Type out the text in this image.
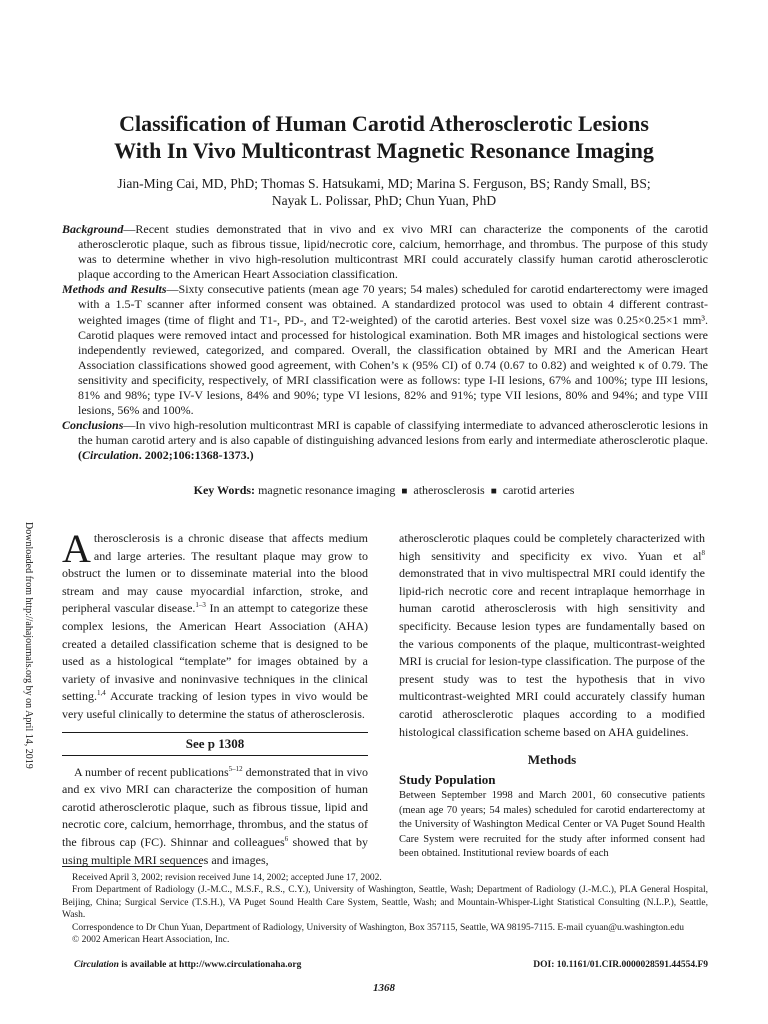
Classification of Human Carotid Atherosclerotic Lesions
With In Vivo Multicontrast Magnetic Resonance Imaging
Jian-Ming Cai, MD, PhD; Thomas S. Hatsukami, MD; Marina S. Ferguson, BS; Randy Small, BS;
Nayak L. Polissar, PhD; Chun Yuan, PhD

Background—Recent studies demonstrated that in vivo and ex vivo MRI can characterize the components of the carotid atherosclerotic plaque, such as fibrous tissue, lipid/necrotic core, calcium, hemorrhage, and thrombus. The purpose of this study was to determine whether in vivo high-resolution multicontrast MRI could accurately classify human carotid atherosclerotic plaque according to the American Heart Association classification.

Methods and Results—Sixty consecutive patients (mean age 70 years; 54 males) scheduled for carotid endarterectomy were imaged with a 1.5-T scanner after informed consent was obtained. A standardized protocol was used to obtain 4 different contrast-weighted images (time of flight and T1-, PD-, and T2-weighted) of the carotid arteries. Best voxel size was 0.25×0.25×1 mm³. Carotid plaques were removed intact and processed for histological examination. Both MR images and histological sections were independently reviewed, categorized, and compared. Overall, the classification obtained by MRI and the American Heart Association classifications showed good agreement, with Cohen’s κ (95% CI) of 0.74 (0.67 to 0.82) and weighted κ of 0.79. The sensitivity and specificity, respectively, of MRI classification were as follows: type I-II lesions, 67% and 100%; type III lesions, 81% and 98%; type IV-V lesions, 84% and 90%; type VI lesions, 82% and 91%; type VII lesions, 80% and 94%; and type VIII lesions, 56% and 100%.

Conclusions—In vivo high-resolution multicontrast MRI is capable of classifying intermediate to advanced atherosclerotic lesions in the human carotid artery and is also capable of distinguishing advanced lesions from early and intermediate atherosclerotic plaque. (Circulation. 2002;106:1368-1373.)

Key Words: magnetic resonance imaging ■ atherosclerosis ■ carotid arteries
Downloaded from http://ahajournals.org by on April 14, 2019 Atherosclerosis is a chronic disease that affects medium and large arteries. The resultant plaque may grow to obstruct the lumen or to disseminate material into the blood stream and may cause myocardial infarction, stroke, and peripheral vascular disease.$^{1-3}$ In an attempt to categorize these complex lesions, the American Heart Association (AHA) created a detailed classification scheme that is designed to be used as a histological “template” for images obtained by a variety of invasive and noninvasive techniques in the clinical setting.$^{1,4}$ Accurate tracking of lesion types in vivo would be very useful clinically to determine the status of atherosclerosis.

See p 1308

A number of recent publications$^{5-12}$ demonstrated that in vivo and ex vivo MRI can characterize the composition of human carotid atherosclerotic plaque, such as fibrous tissue, lipid and necrotic core, calcium, hemorrhage, thrombus, and the status of the fibrous cap (FC). Shinnar and colleagues$^6$ showed that by using multiple MRI sequences and images,

atherosclerotic plaques could be completely characterized with high sensitivity and specificity ex vivo. Yuan et $al^8$ demonstrated that in vivo multispectral MRI could identify the lipid-rich necrotic core and recent intraplaque hemorrhage in human carotid atherosclerosis with high sensitivity and specificity. Because lesion types are fundamentally based on the various components of the plaque, multicontrast-weighted MRI is crucial for lesion-type classification. The purpose of the present study was to test the hypothesis that in vivo multicontrast-weighted MRI could accurately classify human carotid atherosclerotic plaques according to a modified histological classification scheme based on AHA guidelines.

Methods
Study Population

Between September 1998 and March 2001, 60 consecutive patients (mean age 70 years; 54 males) scheduled for carotid endarterectomy at the University of Washington Medical Center or VA Puget Sound Health Care System were recruited for the study after informed consent had been obtained. Institutional review boards of each

Received April 3, 2002; revision received June 14, 2002; accepted June 17, 2002.

From Department of Radiology (J.-M.C., M.S.F., R.S., C.Y.), University of Washington, Seattle, Wash; Department of Radiology (J.-M.C.), PLA General Hospital, Beijing, China; Surgical Service (T.S.H.), VA Puget Sound Health Care System, Seattle, Wash; and Mountain-Whisper-Light Statistical Consulting (N.L.P.), Seattle, Wash.

Correspondence to Dr Chun Yuan, Department of Radiology, University of Washington, Box 357115, Seattle, WA 98195-7115. E-mail cyuan@u.washington.edu

© 2002 American Heart Association, Inc.

Circulation is available at http://www.circulationaha.org	DOI: 10.1161/01.CIR.0000028591.44554.F9
1368
